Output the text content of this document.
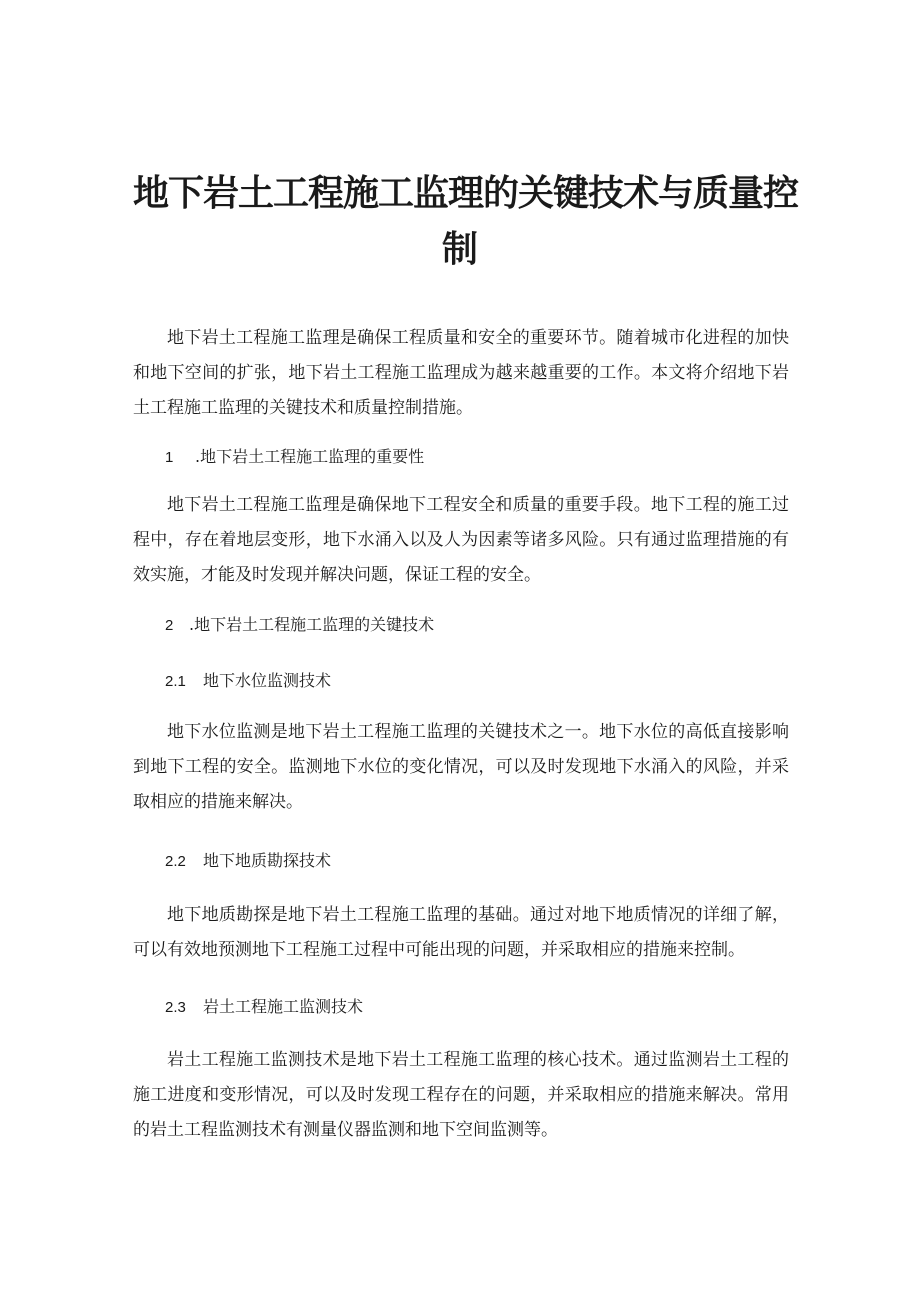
地下岩土工程施工监理的关键技术与质量控
制

地下岩土工程施工监理是确保工程质量和安全的重要环节。随着城市化进程的加快和地下空间的扩张，地下岩土工程施工监理成为越来越重要的工作。本文将介绍地下岩土工程施工监理的关键技术和质量控制措施。

1 .地下岩土工程施工监理的重要性

地下岩土工程施工监理是确保地下工程安全和质量的重要手段。地下工程的施工过程中，存在着地层变形，地下水涌入以及人为因素等诸多风险。只有通过监理措施的有效实施，才能及时发现并解决问题，保证工程的安全。

2 .地下岩土工程施工监理的关键技术

2.1 地下水位监测技术

地下水位监测是地下岩土工程施工监理的关键技术之一。地下水位的高低直接影响到地下工程的安全。监测地下水位的变化情况，可以及时发现地下水涌入的风险，并采取相应的措施来解决。

2.2 地下地质勘探技术

地下地质勘探是地下岩土工程施工监理的基础。通过对地下地质情况的详细了解，可以有效地预测地下工程施工过程中可能出现的问题，并采取相应的措施来控制。

2.3 岩土工程施工监测技术

岩土工程施工监测技术是地下岩土工程施工监理的核心技术。通过监测岩土工程的施工进度和变形情况，可以及时发现工程存在的问题，并采取相应的措施来解决。常用的岩土工程监测技术有测量仪器监测和地下空间监测等。
